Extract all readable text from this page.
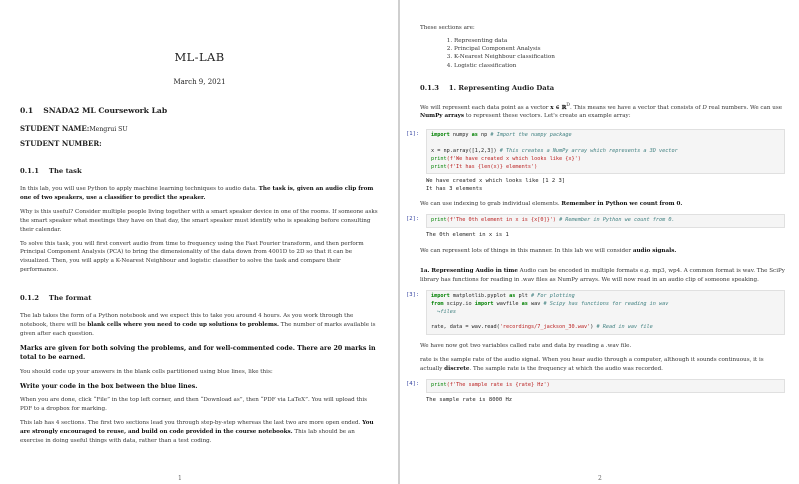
ML-LAB
March 9, 2021
0.1 SNADA2 ML Coursework Lab
STUDENT NAME:Mengrui SU
STUDENT NUMBER:
0.1.1 The task

In this lab, you will use Python to apply machine learning techniques to audio data. The task is, given an audio clip from one of two speakers, use a classifier to predict the speaker.

Why is this useful? Consider multiple people living together with a smart speaker device in one of the rooms. If someone asks the smart speaker what meetings they have on that day, the smart speaker must identify who is speaking before consulting their calendar.

To solve this task, you will first convert audio from time to frequency using the Fast Fourier transform, and then perform Principal Component Analysis (PCA) to bring the dimensionality of the data down from 4001D to 2D so that it can be visualized. Then, you will apply a K-Nearest Neighbour and logistic classifier to solve the task and compare their performance.

0.1.2 The format

The lab takes the form of a Python notebook and we expect this to take you around 4 hours. As you work through the notebook, there will be blank cells where you need to code up solutions to problems. The number of marks available is given after each question.

Marks are given for both solving the problems, and for well-commented code. There are 20 marks in total to be earned.

You should code up your answers in the blank cells partitioned using blue lines, like this:

Write your code in the box between the blue lines.

When you are done, click “File” in the top left corner, and then “Download as”, then “PDF via LaTeX”. You will upload this PDF to a dropbox for marking.

This lab has 4 sections. The first two sections lead you through step-by-step whereas the last two are more open ended. You are strongly encouraged to reuse, and build on code provided in the course notebooks. This lab should be an exercise in doing useful things with data, rather than a test coding.

1

These sections are:

1. Representing data
2. Principal Component Analysis
3. K-Nearest Neighbour classification
4. Logistic classification
0.1.3 1. Representing Audio Data

We will represent each data point as a vector x ∈ ℝ$^D$. This means we have a vector that consists of D real numbers. We can use NumPy arrays to represent these vectors. Let's create an example array:

[1]:	import numpy as np # Import the numpy package

x = np.array([1,2,3]) # This creates a NumPy array which represents a 3D vector
print(f'We have created x which looks like {x}')
print(f'It has {len(x)} elements')
We have created x which looks like [1 2 3]
It has 3 elements

We can use indexing to grab individual elements. Remember in Python we count from 0.

[2]:	print(f'The 0th element in x is {x[0]}') # Remember in Python we count from 0.
The 0th element in x is 1

We can represent lots of things in this manner. In this lab we will consider audio signals.

1a. Representing Audio in time Audio can be encoded in multiple formats e.g. mp3, wp4. A common format is wav. The SciPy library has functions for reading in .wav files as NumPy arrays. We will now read in an audio clip of someone speaking.

[3]:	import matplotlib.pyplot as plt # For plotting
from scipy.io import wavfile as wav # Scipy has functions for reading in wav
↪files

rate, data = wav.read('recordings/7_jackson_30.wav') # Read in wav file

We have now got two variables called rate and data by reading a .wav file.

rate is the sample rate of the audio signal. When you hear audio through a computer, although it sounds continuous, it is actually discrete. The sample rate is the frequency at which the audio was recorded.

[4]:	print(f'The sample rate is {rate} Hz')
The sample rate is 8000 Hz
2
